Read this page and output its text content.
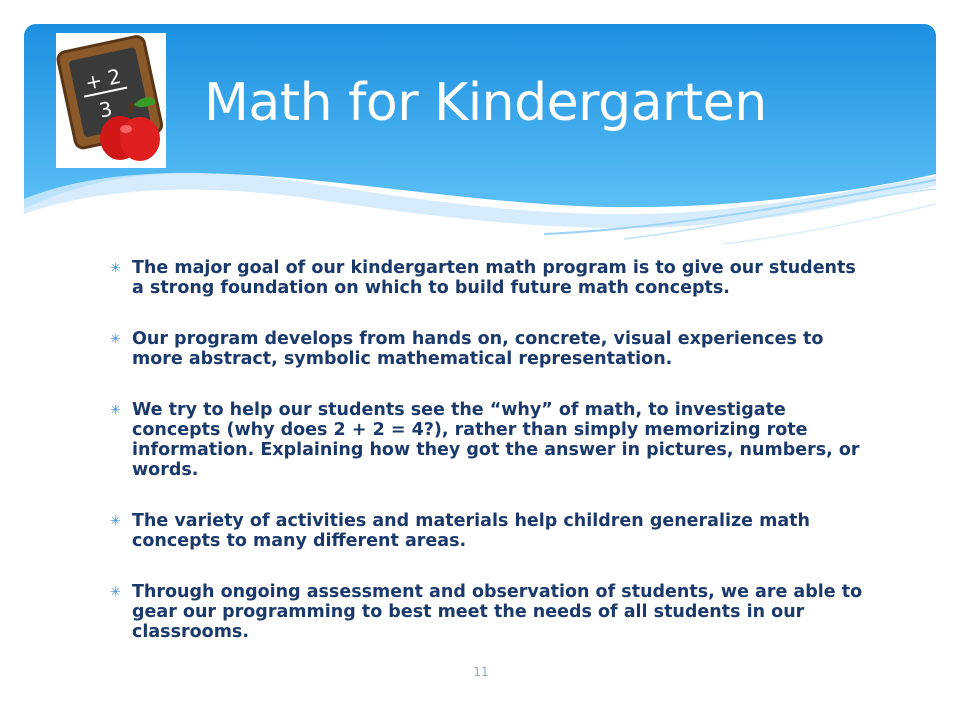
+ 2
3 Math for Kindergarten
✳ The major goal of our kindergarten math program is to give our students a strong foundation on which to build future math concepts.
✳ Our program develops from hands on, concrete, visual experiences to more abstract, symbolic mathematical representation.
✳ We try to help our students see the “why” of math, to investigate concepts (why does 2 + 2 = 4?), rather than simply memorizing rote information. Explaining how they got the answer in pictures, numbers, or words.
✳ The variety of activities and materials help children generalize math concepts to many different areas.
✳ Through ongoing assessment and observation of students, we are able to gear our programming to best meet the needs of all students in our classrooms.
11
